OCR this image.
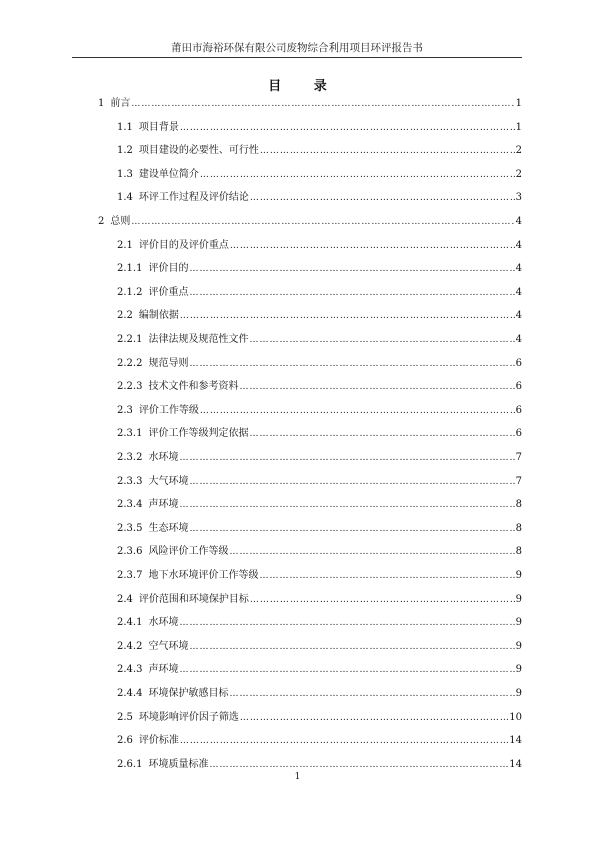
莆田市海裕环保有限公司废物综合利用项目环评报告书
目 录
1 前言 …………………………………………………………………………………………………………………………………………	1
1.1 项目背景 …………………………………………………………………………………………………………………………………………	1
1.2 项目建设的必要性、可行性 …………………………………………………………………………………………………………………………………………	2
1.3 建设单位简介 …………………………………………………………………………………………………………………………………………	2
1.4 环评工作过程及评价结论 …………………………………………………………………………………………………………………………………………	3
2 总则 …………………………………………………………………………………………………………………………………………	4
2.1 评价目的及评价重点 …………………………………………………………………………………………………………………………………………	4
2.1.1 评价目的 …………………………………………………………………………………………………………………………………………	4
2.1.2 评价重点 …………………………………………………………………………………………………………………………………………	4
2.2 编制依据 …………………………………………………………………………………………………………………………………………	4
2.2.1 法律法规及规范性文件 …………………………………………………………………………………………………………………………………………	4
2.2.2 规范导则 …………………………………………………………………………………………………………………………………………	6
2.2.3 技术文件和参考资料 …………………………………………………………………………………………………………………………………………	6
2.3 评价工作等级 …………………………………………………………………………………………………………………………………………	6
2.3.1 评价工作等级判定依据 …………………………………………………………………………………………………………………………………………	6
2.3.2 水环境 …………………………………………………………………………………………………………………………………………	7
2.3.3 大气环境 …………………………………………………………………………………………………………………………………………	7
2.3.4 声环境 …………………………………………………………………………………………………………………………………………	8
2.3.5 生态环境 …………………………………………………………………………………………………………………………………………	8
2.3.6 风险评价工作等级 …………………………………………………………………………………………………………………………………………	8
2.3.7 地下水环境评价工作等级 …………………………………………………………………………………………………………………………………………	9
2.4 评价范围和环境保护目标 …………………………………………………………………………………………………………………………………………	9
2.4.1 水环境 …………………………………………………………………………………………………………………………………………	9
2.4.2 空气环境 …………………………………………………………………………………………………………………………………………	9
2.4.3 声环境 …………………………………………………………………………………………………………………………………………	9
2.4.4 环境保护敏感目标 …………………………………………………………………………………………………………………………………………	9
2.5 环境影响评价因子筛选 …………………………………………………………………………………………………………………………………………	10
2.6 评价标准 …………………………………………………………………………………………………………………………………………	14
2.6.1 环境质量标准 …………………………………………………………………………………………………………………………………………	14
1
